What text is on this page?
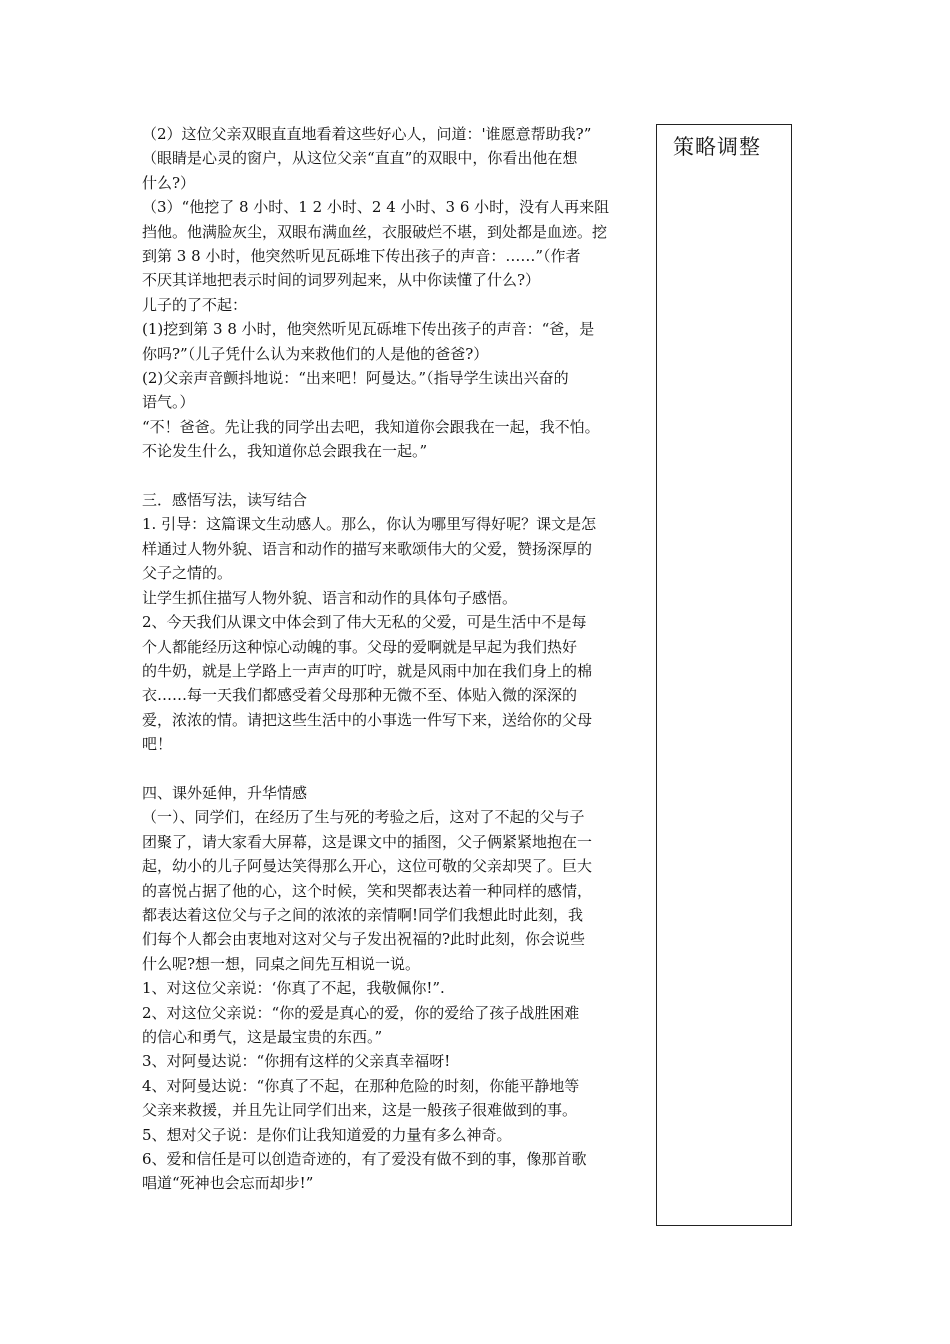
（2）这位父亲双眼直直地看着这些好心人，问道：'谁愿意帮助我?”
（眼睛是心灵的窗户，从这位父亲“直直”的双眼中，你看出他在想
什么?）
（3）“他挖了 8 小时、1 2 小时、2 4 小时、3 6 小时，没有人再来阻
挡他。他满脸灰尘，双眼布满血丝，衣服破烂不堪，到处都是血迹。挖
到第 3 8 小时，他突然听见瓦砾堆下传出孩子的声音：……”（作者
不厌其详地把表示时间的词罗列起来，从中你读懂了什么?）
儿子的了不起：
(1)挖到第 3 8 小时，他突然听见瓦砾堆下传出孩子的声音：“爸，是
你吗?”（儿子凭什么认为来救他们的人是他的爸爸?）
(2)父亲声音颤抖地说：“出来吧！阿曼达。”（指导学生读出兴奋的
语气。）
“不！爸爸。先让我的同学出去吧，我知道你会跟我在一起，我不怕。
不论发生什么，我知道你总会跟我在一起。”
三．感悟写法，读写结合
1. 引导：这篇课文生动感人。那么，你认为哪里写得好呢？课文是怎
样通过人物外貌、语言和动作的描写来歌颂伟大的父爱，赞扬深厚的
父子之情的。
让学生抓住描写人物外貌、语言和动作的具体句子感悟。
2、今天我们从课文中体会到了伟大无私的父爱，可是生活中不是每
个人都能经历这种惊心动魄的事。父母的爱啊就是早起为我们热好
的牛奶，就是上学路上一声声的叮咛，就是风雨中加在我们身上的棉
衣……每一天我们都感受着父母那种无微不至、体贴入微的深深的
爱，浓浓的情。请把这些生活中的小事选一件写下来，送给你的父母
吧！
四、课外延伸，升华情感
（一）、同学们，在经历了生与死的考验之后，这对了不起的父与子
团聚了，请大家看大屏幕，这是课文中的插图，父子俩紧紧地抱在一
起，幼小的儿子阿曼达笑得那么开心，这位可敬的父亲却哭了。巨大
的喜悦占据了他的心，这个时候，笑和哭都表达着一种同样的感情，
都表达着这位父与子之间的浓浓的亲情啊!同学们我想此时此刻，我
们每个人都会由衷地对这对父与子发出祝福的?此时此刻，你会说些
什么呢?想一想，同桌之间先互相说一说。
1、对这位父亲说：‘你真了不起，我敬佩你!”.
2、对这位父亲说：“你的爱是真心的爱，你的爱给了孩子战胜困难
的信心和勇气，这是最宝贵的东西。”
3、对阿曼达说：“你拥有这样的父亲真幸福呀!
4、对阿曼达说：“你真了不起，在那种危险的时刻，你能平静地等
父亲来救援，并且先让同学们出来，这是一般孩子很难做到的事。
5、想对父子说：是你们让我知道爱的力量有多么神奇。
6、爱和信任是可以创造奇迹的，有了爱没有做不到的事，像那首歌
唱道“死神也会忘而却步!”
策略调整
